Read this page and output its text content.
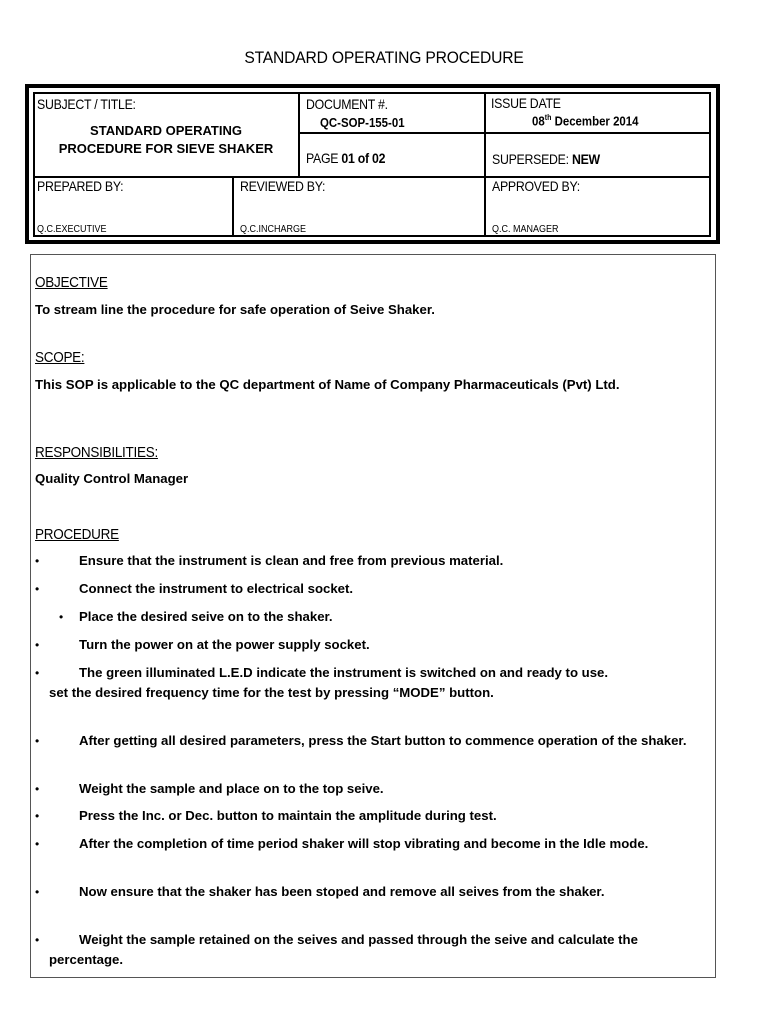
STANDARD OPERATING PROCEDURE
SUBJECT / TITLE:
STANDARD OPERATING
PROCEDURE FOR SIEVE SHAKER
DOCUMENT #.
QC-SOP-155-01
ISSUE DATE
08th December 2014
PAGE 01 of 02	SUPERSEDE: NEW
PREPARED BY:
Q.C.EXECUTIVE
REVIEWED BY:
Q.C.INCHARGE
APPROVED BY:
Q.C. MANAGER
OBJECTIVE
To stream line the procedure for safe operation of Seive Shaker.
SCOPE:
This SOP is applicable to the QC department of Name of Company Pharmaceuticals (Pvt) Ltd.
RESPONSIBILITIES:
Quality Control Manager
PROCEDURE
•	Ensure that the instrument is clean and free from previous material.
•	Connect the instrument to electrical socket.
• Place the desired seive on to the shaker.
•	Turn the power on at the power supply socket.
•	The green illuminated L.E.D indicate the instrument is switched on and ready to use.
set the desired frequency time for the test by pressing “MODE” button.
•	After getting all desired parameters, press the Start button to commence operation of the shaker.
•	Weight the sample and place on to the top seive.
•	Press the Inc. or Dec. button to maintain the amplitude during test.
•	After the completion of time period shaker will stop vibrating and become in the Idle mode.
•	Now ensure that the shaker has been stoped and remove all seives from the shaker.
•	Weight the sample retained on the seives and passed through the seive and calculate the percentage.
